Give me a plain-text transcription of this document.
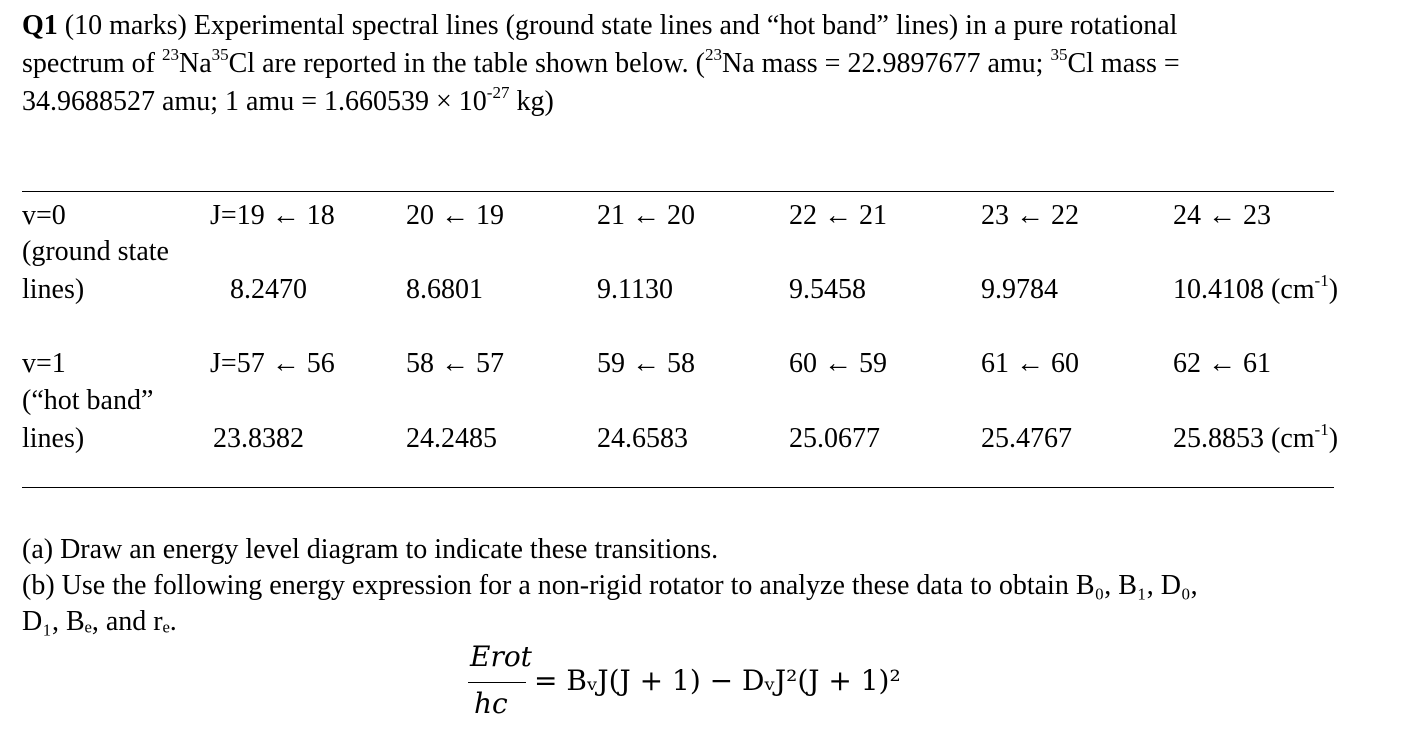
Q1 (10 marks) Experimental spectral lines (ground state lines and “hot band” lines) in a pure rotational
spectrum of $^{23}$Na$^{35}$Cl are reported in the table shown below. ($^{23}$Na mass = 22.9897677 amu; $^{35}$Cl mass =
34.9688527 amu; 1 amu = $1.660539 \times 10^{-27}$ kg)
v=0
(ground state
lines)
J=19 ← 18	20 ← 19	21 ← 20	22 ← 21	23 ← 22	24 ← 23
8.2470	8.6801	9.1130	9.5458	9.9784	10.4108 $(cm^{-1})$
v=1
(“hot band”
lines)
J=57 ← 56	58 ← 57	59 ← 58	60 ← 59	61 ← 60	62 ← 61
23.8382	24.2485	24.6583	25.0677	25.4767	25.8853 $(cm^{-1})$
(a) Draw an energy level diagram to indicate these transitions.
(b) Use the following energy expression for a non-rigid rotator to analyze these data to obtain B₀, B₁, D₀,
D₁, Bₑ, and rₑ.
Erot
hc
= BᵥJ(J + 1) − DᵥJ²(J + 1)²
